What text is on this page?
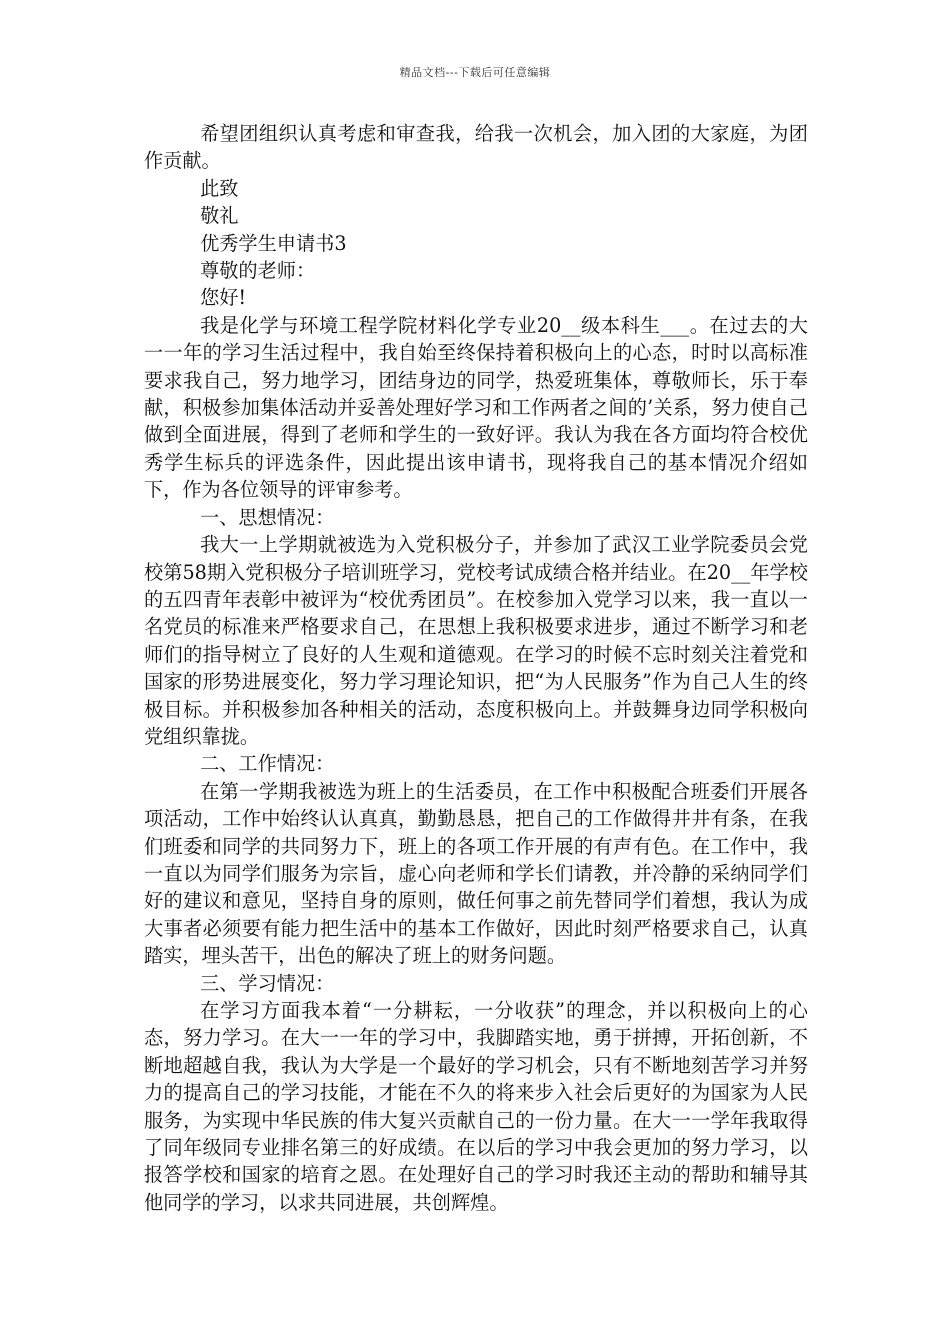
精品文档---下载后可任意编辑

希望团组织认真考虑和审查我，给我一次机会，加入团的大家庭，为团作贡献。

此致

敬礼

优秀学生申请书3

尊敬的老师：

您好!

我是化学与环境工程学院材料化学专业20__级本科生___。在过去的大一一年的学习生活过程中，我自始至终保持着积极向上的心态，时时以高标准要求我自己，努力地学习，团结身边的同学，热爱班集体，尊敬师长，乐于奉献，积极参加集体活动并妥善处理好学习和工作两者之间的’关系，努力使自己做到全面进展，得到了老师和学生的一致好评。我认为我在各方面均符合校优秀学生标兵的评选条件，因此提出该申请书，现将我自己的基本情况介绍如下，作为各位领导的评审参考。

一、思想情况：

我大一上学期就被选为入党积极分子，并参加了武汉工业学院委员会党校第58期入党积极分子培训班学习，党校考试成绩合格并结业。在20__年学校的五四青年表彰中被评为“校优秀团员”。在校参加入党学习以来，我一直以一名党员的标准来严格要求自己，在思想上我积极要求进步，通过不断学习和老师们的指导树立了良好的人生观和道德观。在学习的时候不忘时刻关注着党和国家的形势进展变化，努力学习理论知识，把“为人民服务”作为自己人生的终极目标。并积极参加各种相关的活动，态度积极向上。并鼓舞身边同学积极向党组织靠拢。

二、工作情况：

在第一学期我被选为班上的生活委员，在工作中积极配合班委们开展各项活动，工作中始终认认真真，勤勤恳恳，把自己的工作做得井井有条，在我们班委和同学的共同努力下，班上的各项工作开展的有声有色。在工作中，我一直以为同学们服务为宗旨，虚心向老师和学长们请教，并冷静的采纳同学们好的建议和意见，坚持自身的原则，做任何事之前先替同学们着想，我认为成大事者必须要有能力把生活中的基本工作做好，因此时刻严格要求自己，认真踏实，埋头苦干，出色的解决了班上的财务问题。

三、学习情况：

在学习方面我本着“一分耕耘，一分收获”的理念，并以积极向上的心态，努力学习。在大一一年的学习中，我脚踏实地，勇于拼搏，开拓创新，不断地超越自我，我认为大学是一个最好的学习机会，只有不断地刻苦学习并努力的提高自己的学习技能，才能在不久的将来步入社会后更好的为国家为人民服务，为实现中华民族的伟大复兴贡献自己的一份力量。在大一一学年我取得了同年级同专业排名第三的好成绩。在以后的学习中我会更加的努力学习，以报答学校和国家的培育之恩。在处理好自己的学习时我还主动的帮助和辅导其他同学的学习，以求共同进展，共创辉煌。
